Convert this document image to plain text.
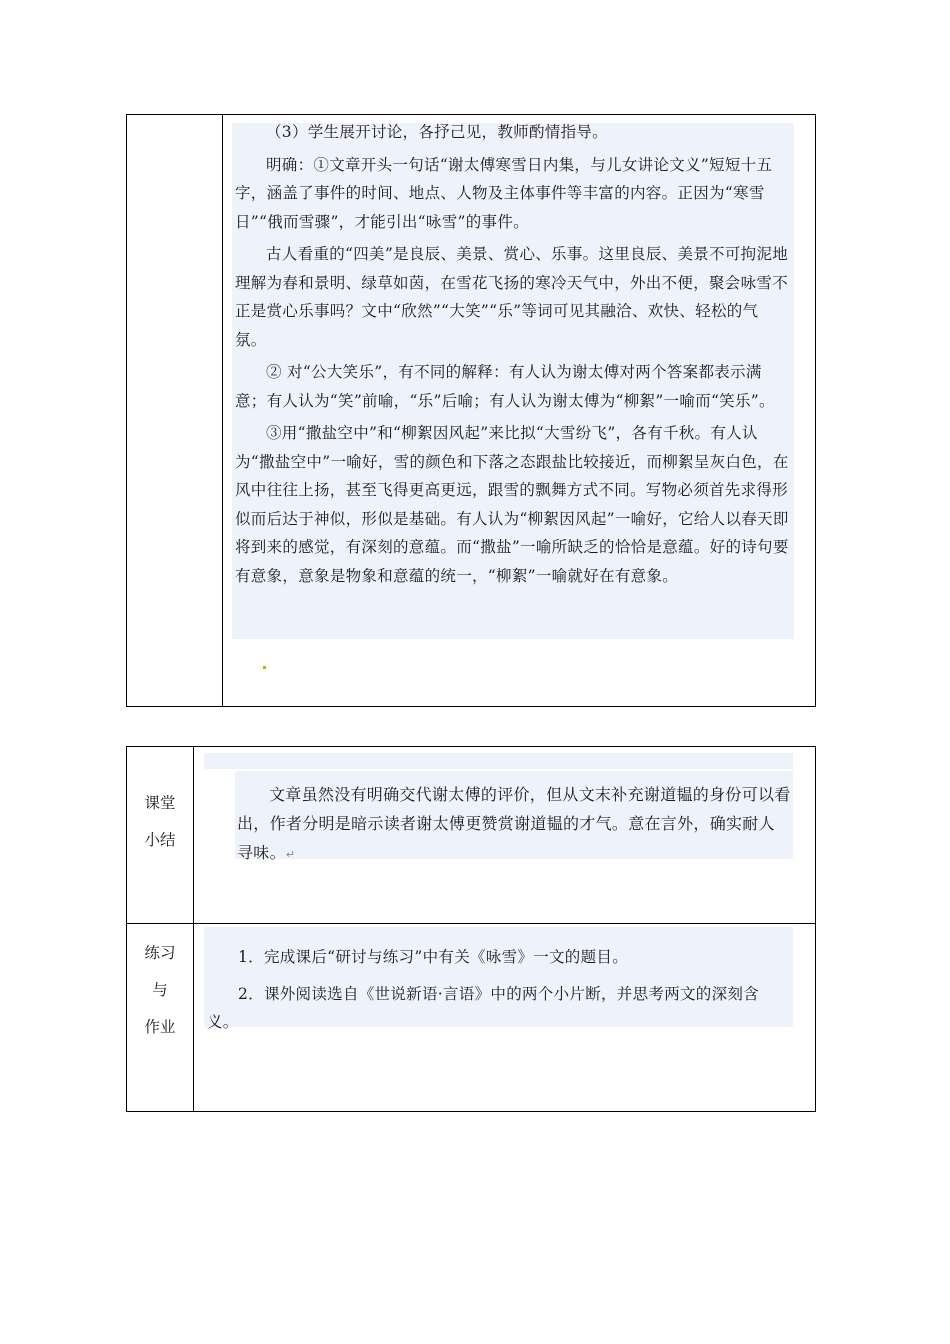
（3）学生展开讨论，各抒己见，教师酌情指导。

明确：①文章开头一句话“谢太傅寒雪日内集，与儿女讲论文义”短短十五字，涵盖了事件的时间、地点、人物及主体事件等丰富的内容。正因为“寒雪日”“俄而雪骤”，才能引出“咏雪”的事件。

古人看重的“四美”是良辰、美景、赏心、乐事。这里良辰、美景不可拘泥地理解为春和景明、绿草如茵，在雪花飞扬的寒冷天气中，外出不便，聚会咏雪不正是赏心乐事吗？文中“欣然”“大笑”“乐”等词可见其融洽、欢快、轻松的气氛。

② 对“公大笑乐”，有不同的解释：有人认为谢太傅对两个答案都表示满意；有人认为“笑”前喻，“乐”后喻；有人认为谢太傅为“柳絮”一喻而“笑乐”。

③用“撒盐空中”和“柳絮因风起”来比拟“大雪纷飞”，各有千秋。有人认为“撒盐空中”一喻好，雪的颜色和下落之态跟盐比较接近，而柳絮呈灰白色，在风中往往上扬，甚至飞得更高更远，跟雪的飘舞方式不同。写物必须首先求得形似而后达于神似，形似是基础。有人认为“柳絮因风起”一喻好，它给人以春天即将到来的感觉，有深刻的意蕴。而“撒盐”一喻所缺乏的恰恰是意蕴。好的诗句要有意象，意象是物象和意蕴的统一，“柳絮”一喻就好在有意象。

课堂
小结

文章虽然没有明确交代谢太傅的评价，但从文末补充谢道韫的身份可以看出，作者分明是暗示读者谢太傅更赞赏谢道韫的才气。意在言外，确实耐人寻味。↵

练习
与
作业

1．完成课后“研讨与练习”中有关《咏雪》一文的题目。

2．课外阅读选自《世说新语·言语》中的两个小片断，并思考两文的深刻含义。
